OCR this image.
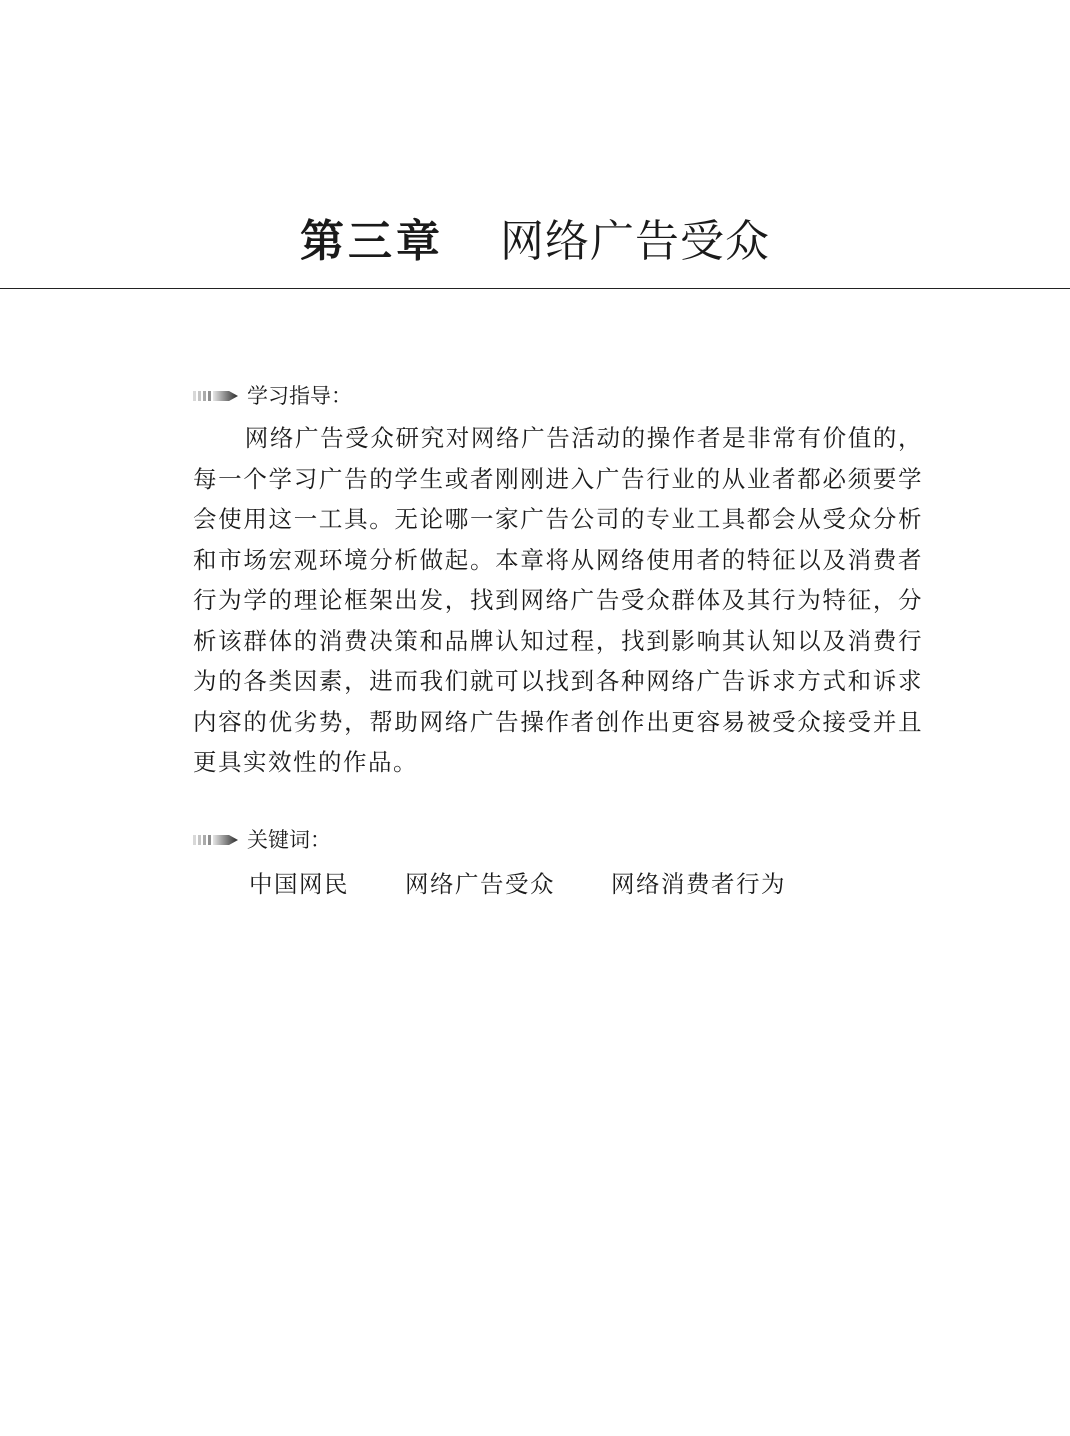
第三章 网络广告受众
学习指导：

网络广告受众研究对网络广告活动的操作者是非常有价值的，每一个学习广告的学生或者刚刚进入广告行业的从业者都必须要学会使用这一工具。无论哪一家广告公司的专业工具都会从受众分析和市场宏观环境分析做起。本章将从网络使用者的特征以及消费者行为学的理论框架出发，找到网络广告受众群体及其行为特征，分析该群体的消费决策和品牌认知过程，找到影响其认知以及消费行为的各类因素，进而我们就可以找到各种网络广告诉求方式和诉求内容的优劣势，帮助网络广告操作者创作出更容易被受众接受并且更具实效性的作品。

关键词：
中国网民 网络广告受众 网络消费者行为
